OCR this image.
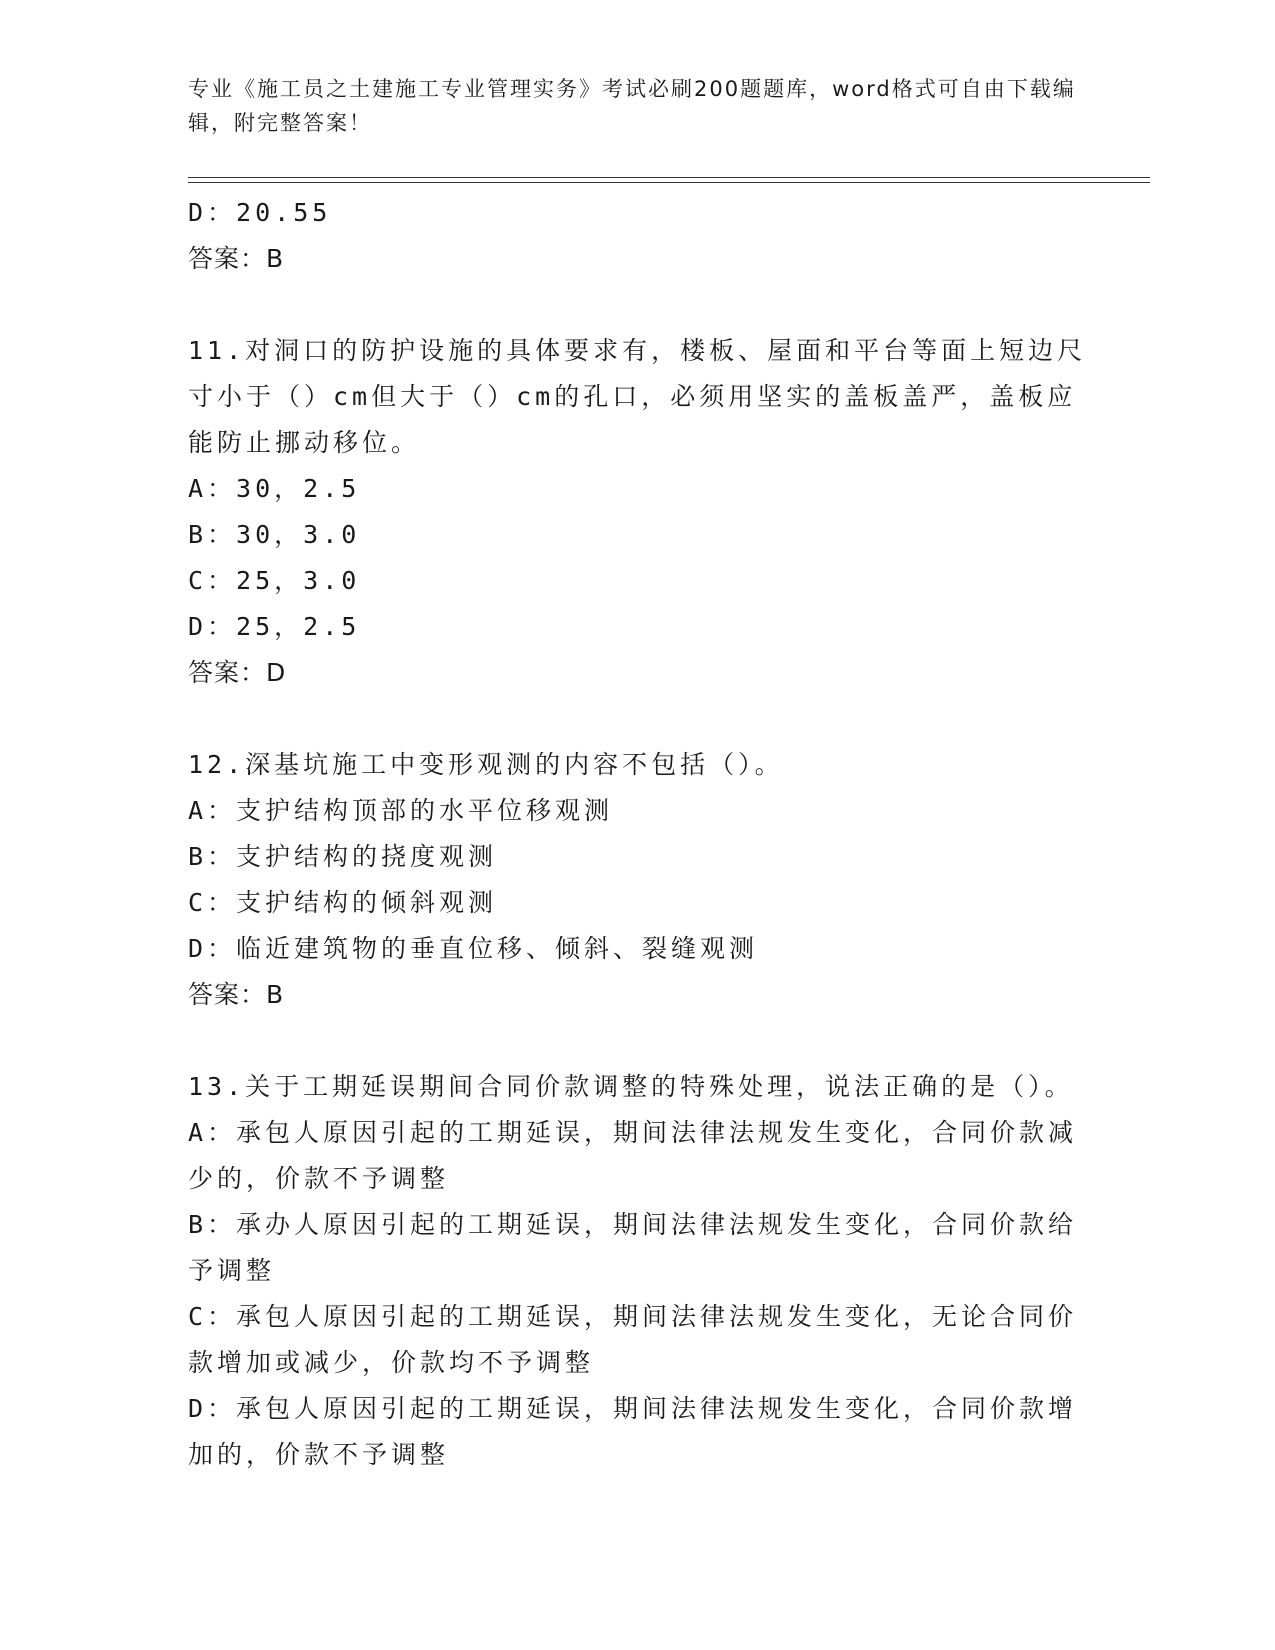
专业《施工员之土建施工专业管理实务》考试必刷200题题库，word格式可自由下载编辑，附完整答案！
D：20.55
答案：B
11.对洞口的防护设施的具体要求有，楼板、屋面和平台等面上短边尺寸小于（）cm但大于（）cm的孔口，必须用坚实的盖板盖严，盖板应能防止挪动移位。
A：30，2.5
B：30，3.0
C：25，3.0
D：25，2.5
答案：D
12.深基坑施工中变形观测的内容不包括（）。
A：支护结构顶部的水平位移观测
B：支护结构的挠度观测
C：支护结构的倾斜观测
D：临近建筑物的垂直位移、倾斜、裂缝观测
答案：B
13.关于工期延误期间合同价款调整的特殊处理，说法正确的是（）。
A：承包人原因引起的工期延误，期间法律法规发生变化，合同价款减少的，价款不予调整
B：承办人原因引起的工期延误，期间法律法规发生变化，合同价款给予调整
C：承包人原因引起的工期延误，期间法律法规发生变化，无论合同价款增加或减少，价款均不予调整
D：承包人原因引起的工期延误，期间法律法规发生变化，合同价款增加的，价款不予调整
